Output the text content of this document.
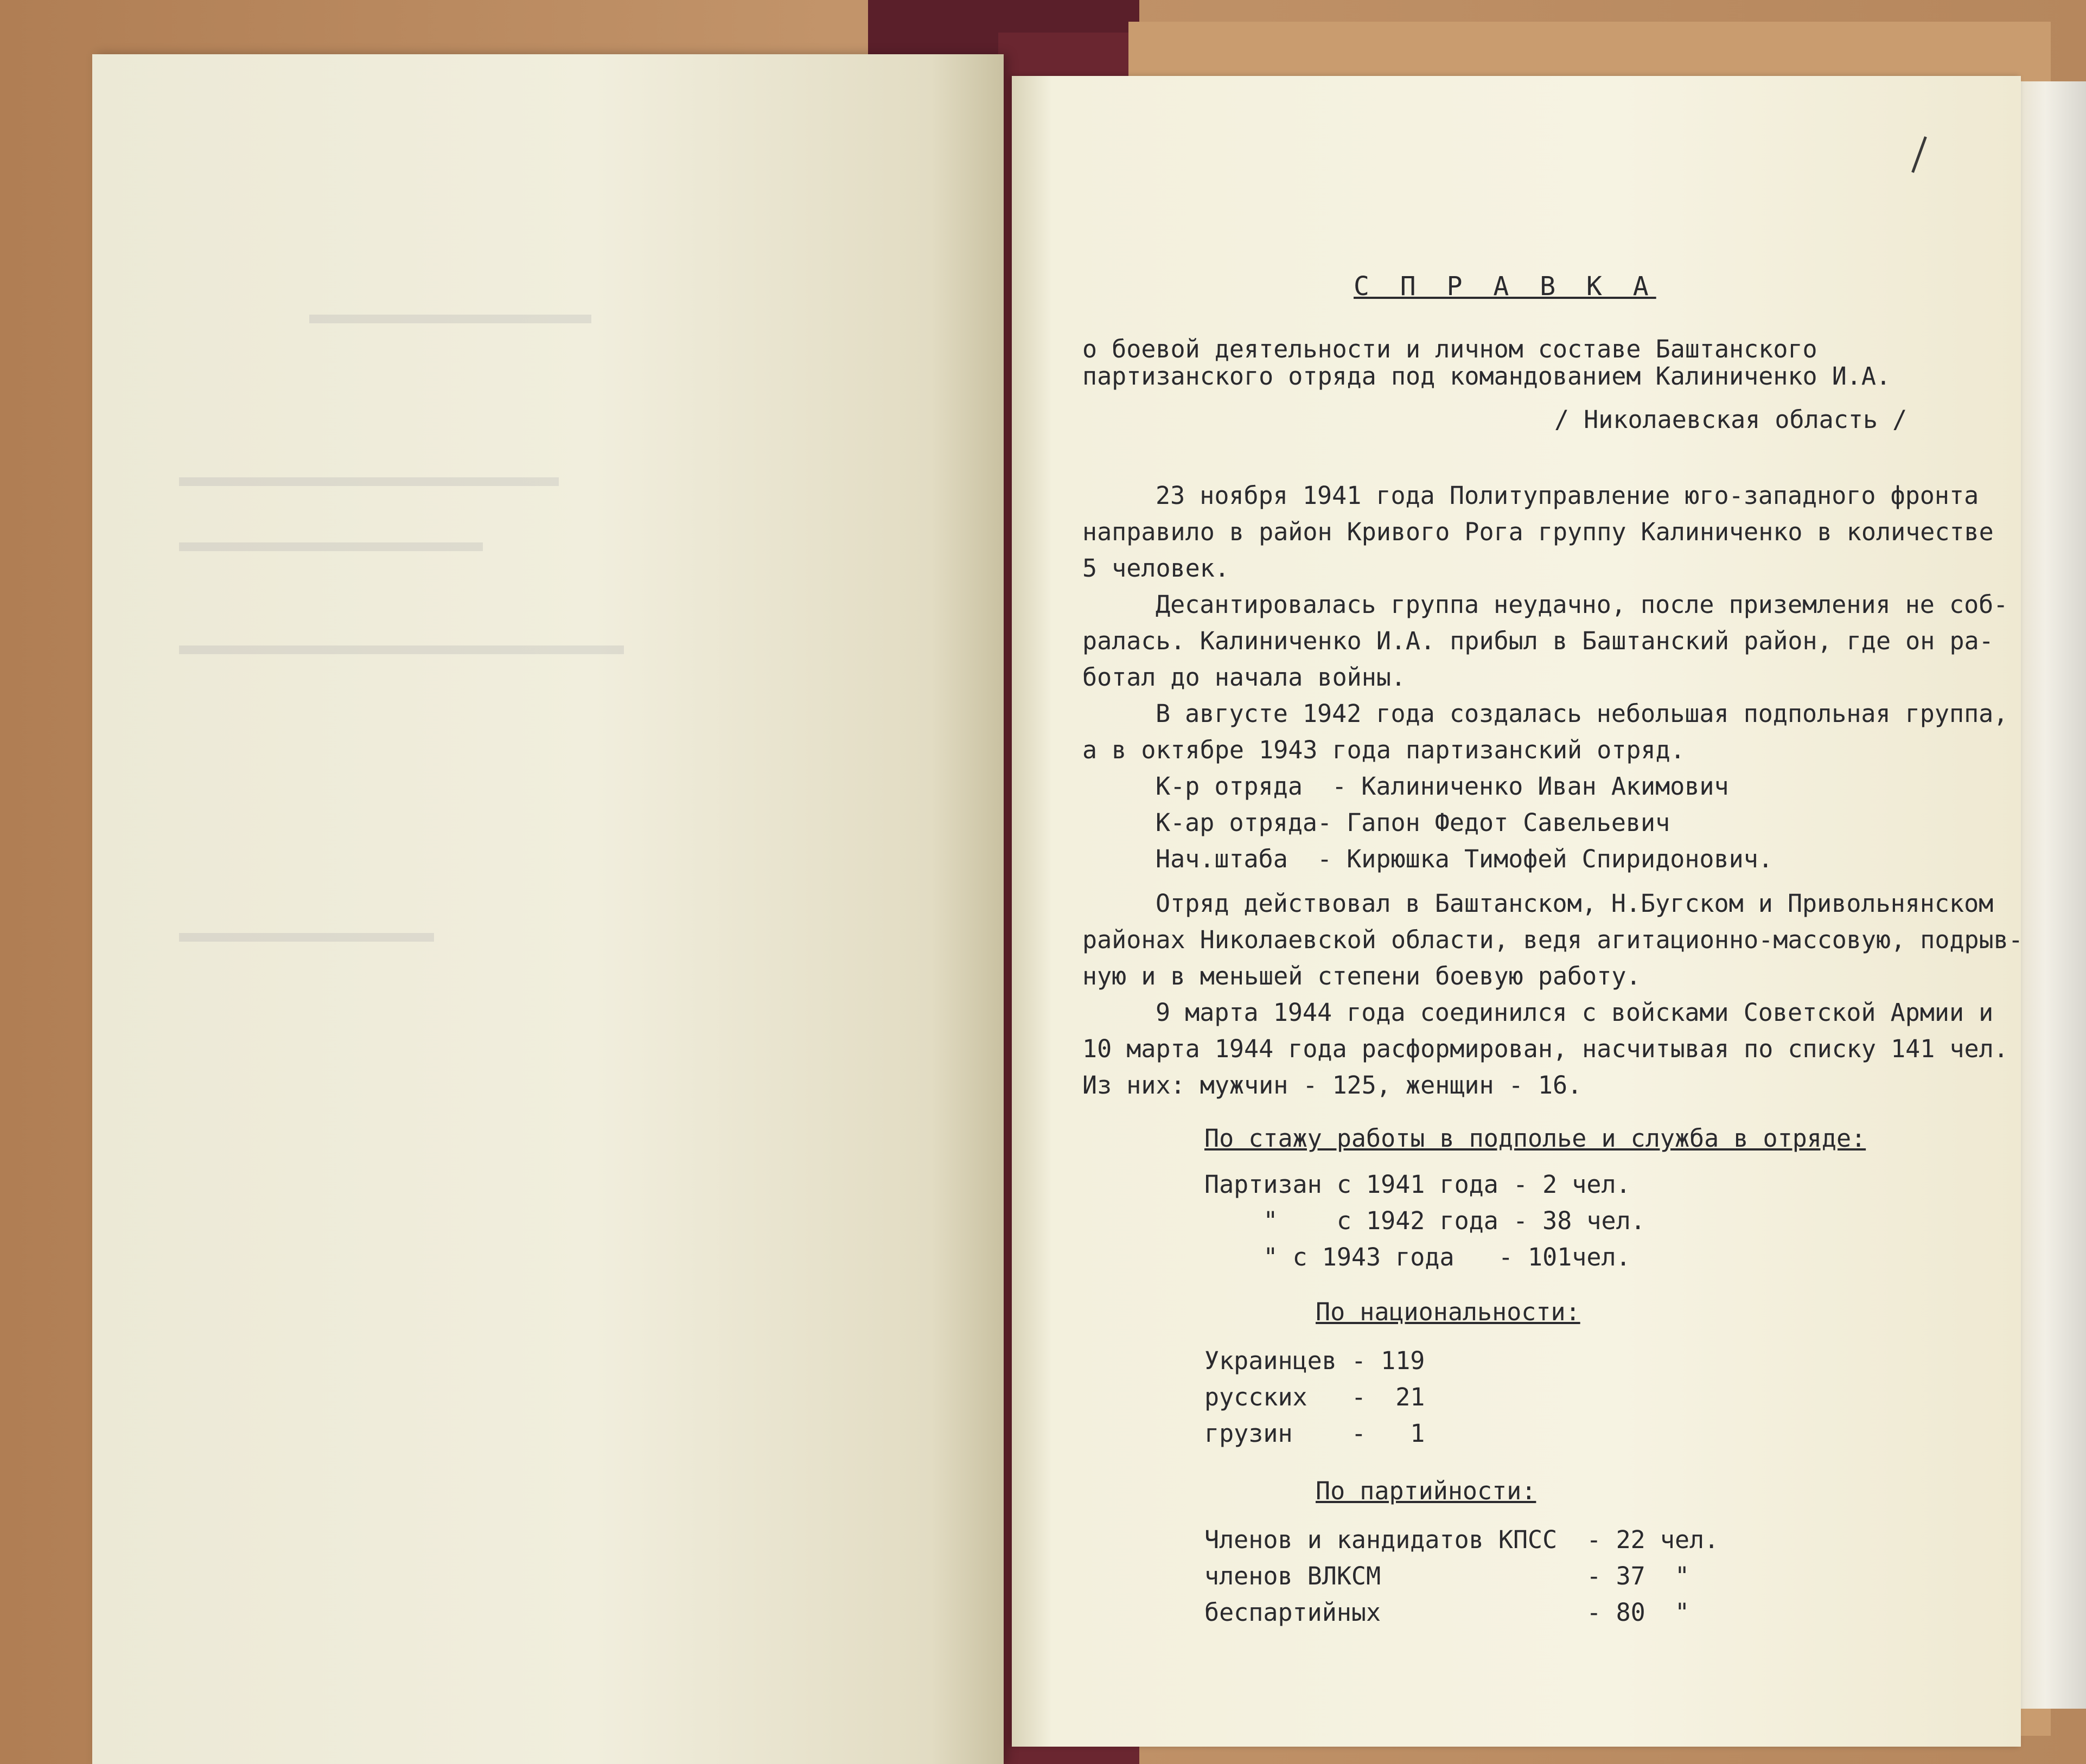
С П Р А В К А
о боевой деятельности и личном составе Баштанского
партизанского отряда под командованием Калиниченко И.А.
/ Николаевская область /
23 ноября 1941 года Политуправление юго-западного фронта
направило в район Кривого Рога группу Калиниченко в количестве
5 человек.
Десантировалась группа неудачно, после приземления не соб-
ралась. Калиниченко И.А. прибыл в Баштанский район, где он ра-
ботал до начала войны.
В августе 1942 года создалась небольшая подпольная группа,
а в октябре 1943 года партизанский отряд.
К-р отряда  - Калиниченко Иван Акимович
К-ар отряда- Гапон Федот Савельевич
Нач.штаба  - Кирюшка Тимофей Спиридонович.
Отряд действовал в Баштанском, Н.Бугском и Привольнянском
районах Николаевской области, ведя агитационно-массовую, подрыв-
ную и в меньшей степени боевую работу.
9 марта 1944 года соединился с войсками Советской Армии и
10 марта 1944 года расформирован, насчитывая по списку 141 чел.
Из них: мужчин - 125, женщин - 16.
По стажу работы в подполье и служба в отряде:
Партизан с 1941 года - 2 чел.
"    с 1942 года - 38 чел.
" с 1943 года   - 101чел.
По национальности:
Украинцев - 119
русских   -  21
грузин    -   1
По партийности:
Членов и кандидатов КПСС  - 22 чел.
членов ВЛКСМ              - 37  "
беспартийных              - 80  "
